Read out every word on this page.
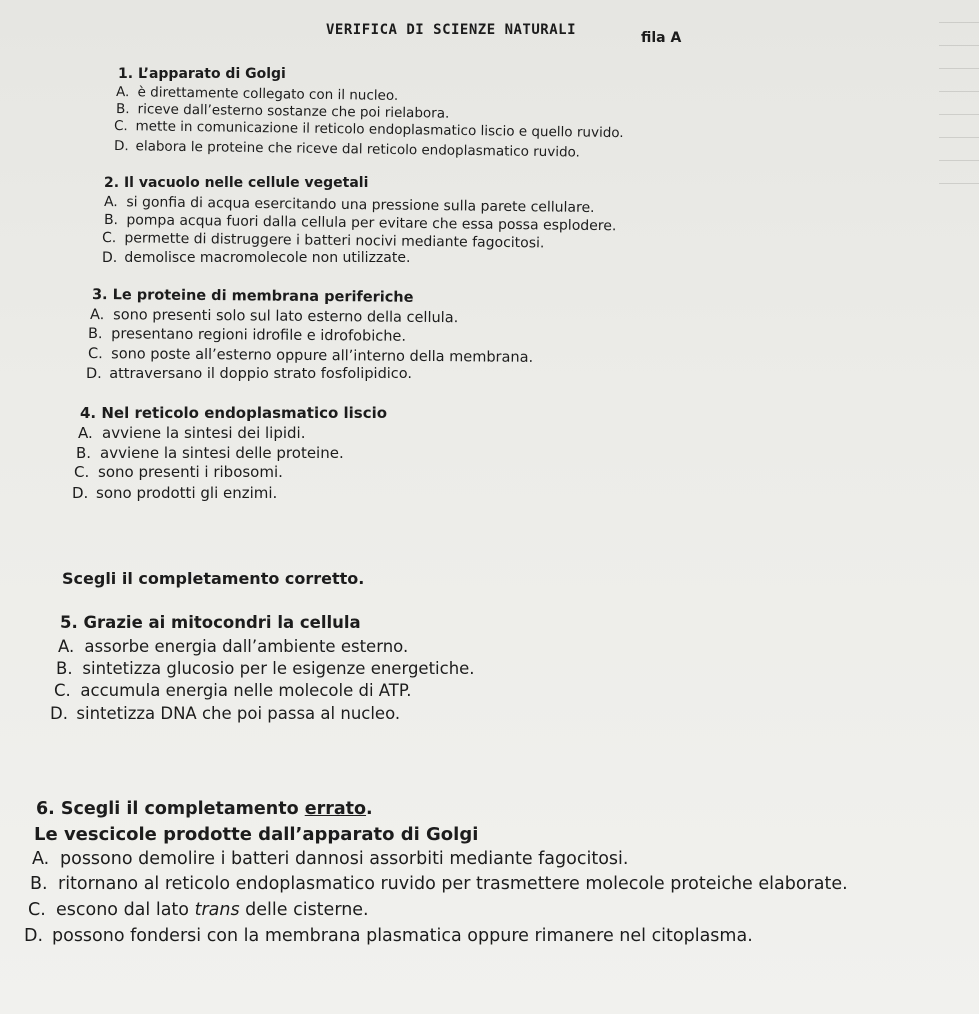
VERIFICA DI SCIENZE NATURALI	fila A
1. L’apparato di Golgi
A. è direttamente collegato con il nucleo.
B. riceve dall’esterno sostanze che poi rielabora.
C. mette in comunicazione il reticolo endoplasmatico liscio e quello ruvido.
D. elabora le proteine che riceve dal reticolo endoplasmatico ruvido.
2. Il vacuolo nelle cellule vegetali
A. si gonfia di acqua esercitando una pressione sulla parete cellulare.
B. pompa acqua fuori dalla cellula per evitare che essa possa esplodere.
C. permette di distruggere i batteri nocivi mediante fagocitosi.
D. demolisce macromolecole non utilizzate.
3. Le proteine di membrana periferiche
A. sono presenti solo sul lato esterno della cellula.
B. presentano regioni idrofile e idrofobiche.
C. sono poste all’esterno oppure all’interno della membrana.
D. attraversano il doppio strato fosfolipidico.
4. Nel reticolo endoplasmatico liscio
A. avviene la sintesi dei lipidi.
B. avviene la sintesi delle proteine.
C. sono presenti i ribosomi.
D. sono prodotti gli enzimi.
Scegli il completamento corretto.
5. Grazie ai mitocondri la cellula
A. assorbe energia dall’ambiente esterno.
B. sintetizza glucosio per le esigenze energetiche.
C. accumula energia nelle molecole di ATP.
D. sintetizza DNA che poi passa al nucleo.
6. Scegli il completamento errato.
Le vescicole prodotte dall’apparato di Golgi
A. possono demolire i batteri dannosi assorbiti mediante fagocitosi.
B. ritornano al reticolo endoplasmatico ruvido per trasmettere molecole proteiche elaborate.
C. escono dal lato trans delle cisterne.
D. possono fondersi con la membrana plasmatica oppure rimanere nel citoplasma.
